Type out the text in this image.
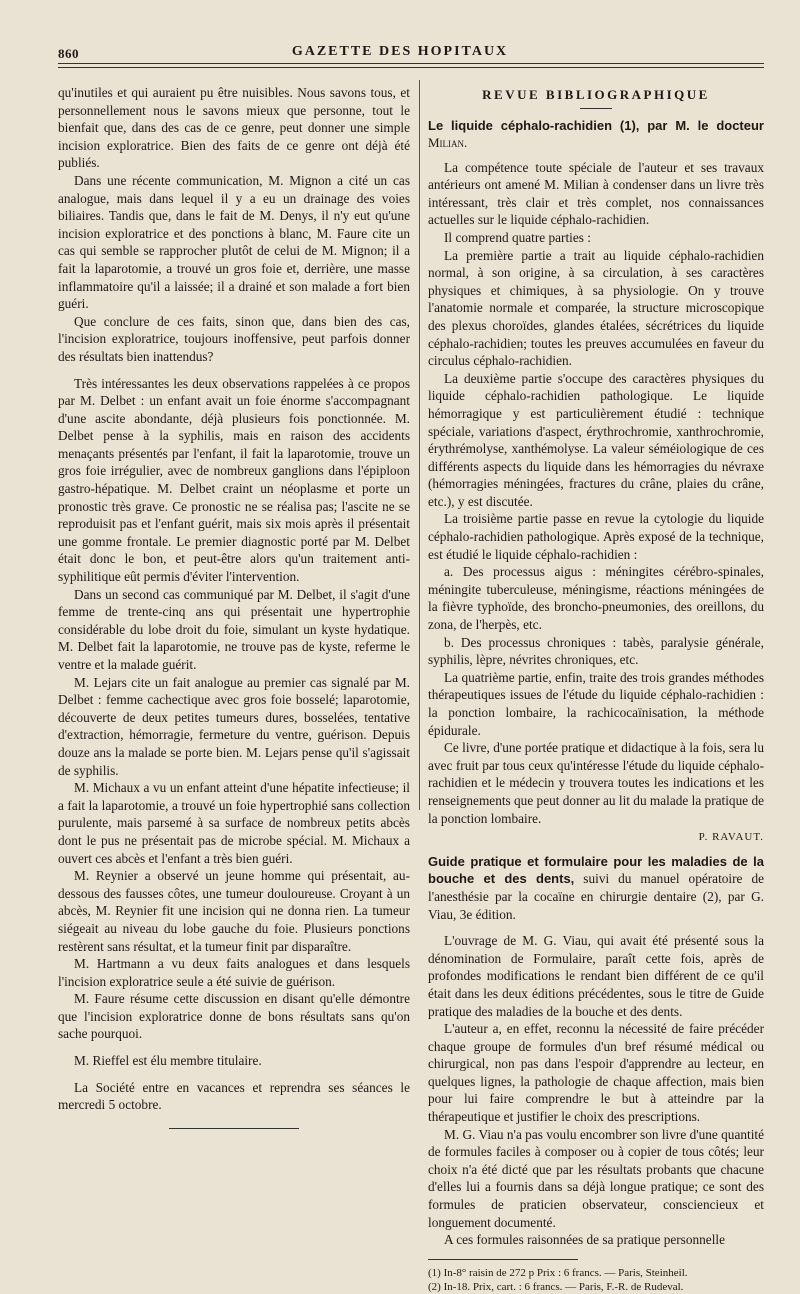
860	GAZETTE DES HOPITAUX

qu'inutiles et qui auraient pu être nuisibles. Nous savons tous, et personnellement nous le savons mieux que personne, tout le bienfait que, dans des cas de ce genre, peut donner une simple incision exploratrice. Bien des faits de ce genre ont déjà été publiés.

Dans une récente communication, M. Mignon a cité un cas analogue, mais dans lequel il y a eu un drainage des voies biliaires. Tandis que, dans le fait de M. Denys, il n'y eut qu'une incision exploratrice et des ponctions à blanc, M. Faure cite un cas qui semble se rapprocher plutôt de celui de M. Mignon; il a fait la laparotomie, a trouvé un gros foie et, derrière, une masse inflammatoire qu'il a laissée; il a drainé et son malade a fort bien guéri.

Que conclure de ces faits, sinon que, dans bien des cas, l'incision exploratrice, toujours inoffensive, peut parfois donner des résultats bien inattendus?

Très intéressantes les deux observations rappelées à ce propos par M. Delbet : un enfant avait un foie énorme s'accompagnant d'une ascite abondante, déjà plusieurs fois ponctionnée. M. Delbet pense à la syphilis, mais en raison des accidents menaçants présentés par l'enfant, il fait la laparotomie, trouve un gros foie irrégulier, avec de nombreux ganglions dans l'épiploon gastro-hépatique. M. Delbet craint un néoplasme et porte un pronostic très grave. Ce pronostic ne se réalisa pas; l'ascite ne se reproduisit pas et l'enfant guérit, mais six mois après il présentait une gomme frontale. Le premier diagnostic porté par M. Delbet était donc le bon, et peut-être alors qu'un traitement anti-syphilitique eût permis d'éviter l'intervention.

Dans un second cas communiqué par M. Delbet, il s'agit d'une femme de trente-cinq ans qui présentait une hypertrophie considérable du lobe droit du foie, simulant un kyste hydatique. M. Delbet fait la laparotomie, ne trouve pas de kyste, referme le ventre et la malade guérit.

M. Lejars cite un fait analogue au premier cas signalé par M. Delbet : femme cachectique avec gros foie bosselé; laparotomie, découverte de deux petites tumeurs dures, bosselées, tentative d'extraction, hémorragie, fermeture du ventre, guérison. Depuis douze ans la malade se porte bien. M. Lejars pense qu'il s'agissait de syphilis.

M. Michaux a vu un enfant atteint d'une hépatite infectieuse; il a fait la laparotomie, a trouvé un foie hypertrophié sans collection purulente, mais parsemé à sa surface de nombreux petits abcès dont le pus ne présentait pas de microbe spécial. M. Michaux a ouvert ces abcès et l'enfant a très bien guéri.

M. Reynier a observé un jeune homme qui présentait, au-dessous des fausses côtes, une tumeur douloureuse. Croyant à un abcès, M. Reynier fit une incision qui ne donna rien. La tumeur siégeait au niveau du lobe gauche du foie. Plusieurs ponctions restèrent sans résultat, et la tumeur finit par disparaître.

M. Hartmann a vu deux faits analogues et dans lesquels l'incision exploratrice seule a été suivie de guérison.

M. Faure résume cette discussion en disant qu'elle démontre que l'incision exploratrice donne de bons résultats sans qu'on sache pourquoi.

M. Rieffel est élu membre titulaire.

La Société entre en vacances et reprendra ses séances le mercredi 5 octobre.

REVUE BIBLIOGRAPHIQUE
Le liquide céphalo-rachidien (1), par M. le docteur Milian.

La compétence toute spéciale de l'auteur et ses travaux antérieurs ont amené M. Milian à condenser dans un livre très intéressant, très clair et très complet, nos connaissances actuelles sur le liquide céphalo-rachidien.

Il comprend quatre parties :

La première partie a trait au liquide céphalo-rachidien normal, à son origine, à sa circulation, à ses caractères physiques et chimiques, à sa physiologie. On y trouve l'anatomie normale et comparée, la structure microscopique des plexus choroïdes, glandes étalées, sécrétrices du liquide céphalo-rachidien; toutes les preuves accumulées en faveur du circulus céphalo-rachidien.

La deuxième partie s'occupe des caractères physiques du liquide céphalo-rachidien pathologique. Le liquide hémorragique y est particulièrement étudié : technique spéciale, variations d'aspect, érythrochromie, xanthrochromie, érythrémolyse, xanthémolyse. La valeur séméiologique de ces différents aspects du liquide dans les hémorragies du névraxe (hémorragies méningées, fractures du crâne, plaies du crâne, etc.), y est discutée.

La troisième partie passe en revue la cytologie du liquide céphalo-rachidien pathologique. Après exposé de la technique, est étudié le liquide céphalo-rachidien :

a. Des processus aigus : méningites cérébro-spinales, méningite tuberculeuse, méningisme, réactions méningées de la fièvre typhoïde, des broncho-pneumonies, des oreillons, du zona, de l'herpès, etc.

b. Des processus chroniques : tabès, paralysie générale, syphilis, lèpre, névrites chroniques, etc.

La quatrième partie, enfin, traite des trois grandes méthodes thérapeutiques issues de l'étude du liquide céphalo-rachidien : la ponction lombaire, la rachicocaïnisation, la méthode épidurale.

Ce livre, d'une portée pratique et didactique à la fois, sera lu avec fruit par tous ceux qu'intéresse l'étude du liquide céphalo-rachidien et le médecin y trouvera toutes les indications et les renseignements que peut donner au lit du malade la pratique de la ponction lombaire.

P. RAVAUT.

Guide pratique et formulaire pour les maladies de la bouche et des dents, suivi du manuel opératoire de l'anesthésie par la cocaïne en chirurgie dentaire (2), par G. Viau, 3e édition.

L'ouvrage de M. G. Viau, qui avait été présenté sous la dénomination de Formulaire, paraît cette fois, après de profondes modifications le rendant bien différent de ce qu'il était dans les deux éditions précédentes, sous le titre de Guide pratique des maladies de la bouche et des dents.

L'auteur a, en effet, reconnu la nécessité de faire précéder chaque groupe de formules d'un bref résumé médical ou chirurgical, non pas dans l'espoir d'apprendre au lecteur, en quelques lignes, la pathologie de chaque affection, mais bien pour lui faire comprendre le but à atteindre par la thérapeutique et justifier le choix des prescriptions.

M. G. Viau n'a pas voulu encombrer son livre d'une quantité de formules faciles à composer ou à copier de tous côtés; leur choix n'a été dicté que par les résultats probants que chacune d'elles lui a fournis dans sa déjà longue pratique; ce sont des formules de praticien observateur, consciencieux et longuement documenté.

A ces formules raisonnées de sa pratique personnelle

(1) In-8° raisin de 272 p Prix : 6 francs. — Paris, Steinheil.

(2) In-18. Prix, cart. : 6 francs. — Paris, F.-R. de Rudeval.
